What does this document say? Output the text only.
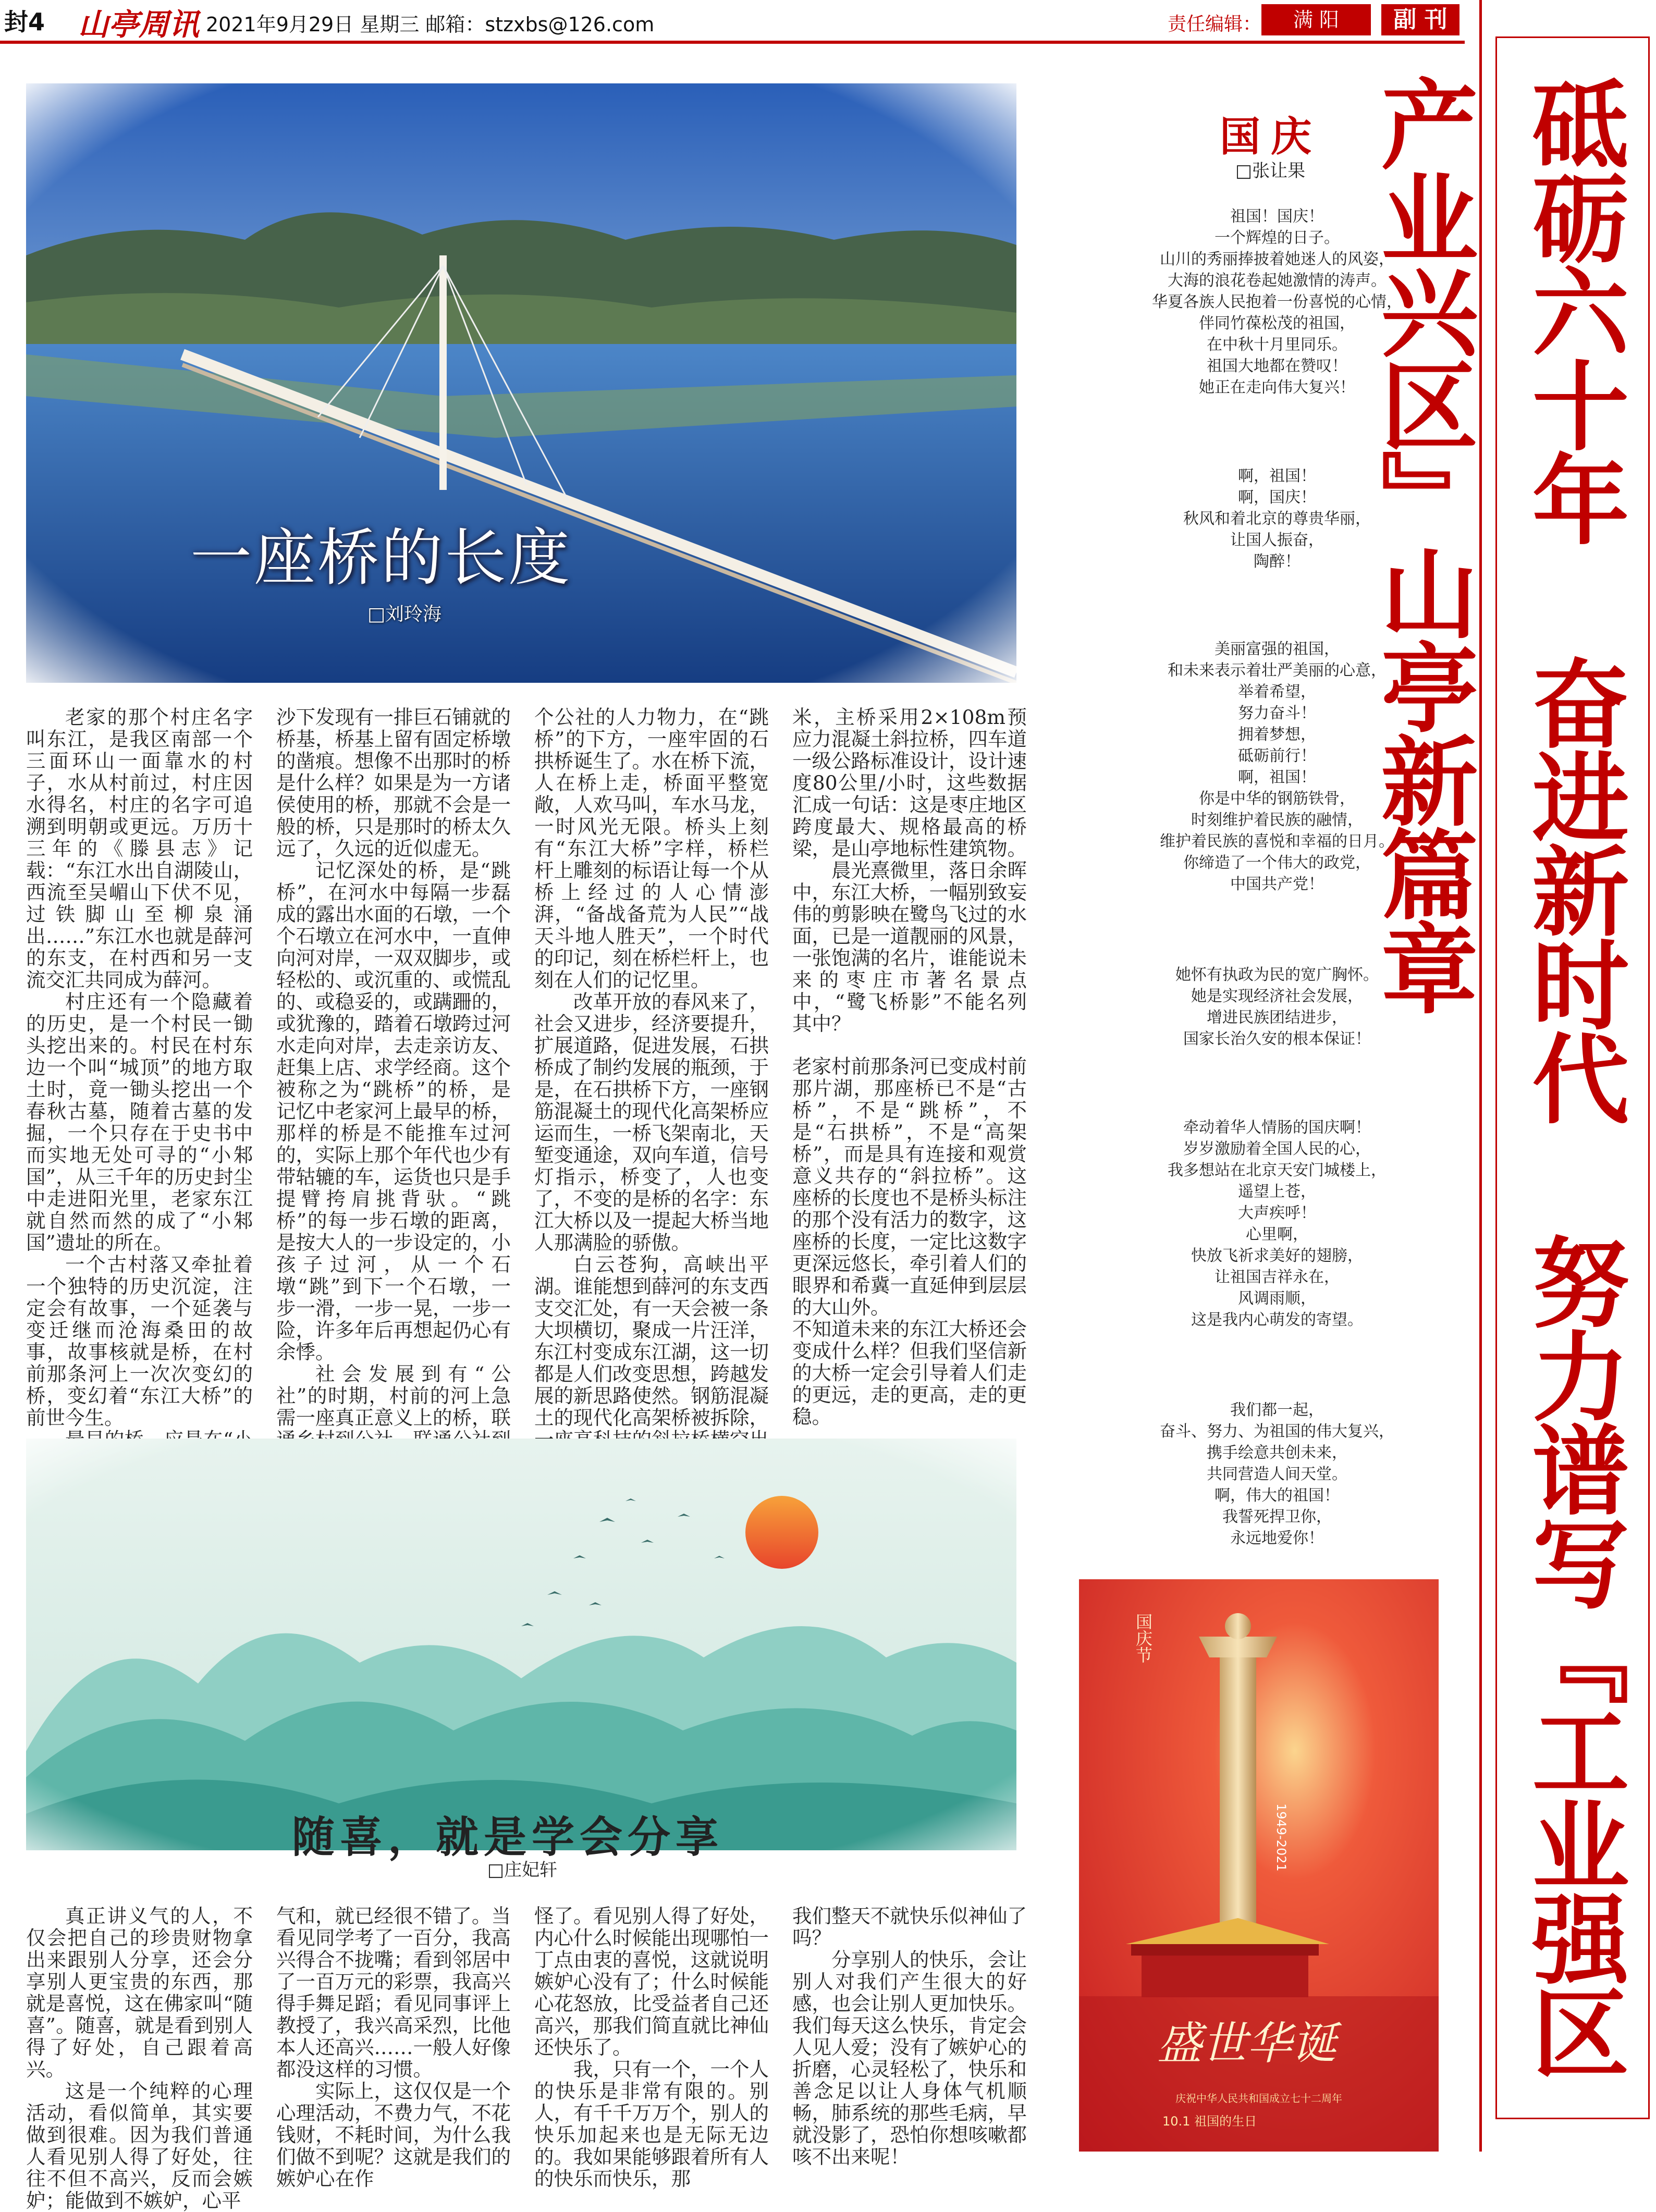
封4 山亭周讯 2021年9月29日 星期三 邮箱：stzxbs@126.com	责任编辑：	满 阳	副 刊
砥砺六十年 奋进新时代 努力谱写『工业强区 产业兴区』山亭新篇章
一座桥的长度
□刘玲海

老家的那个村庄名字叫东江，是我区南部一个三面环山一面靠水的村子，水从村前过，村庄因水得名，村庄的名字可追溯到明朝或更远。万历十三年的《滕县志》记载：“东江水出自湖陵山，西流至吴嵋山下伏不见，过铁脚山至柳泉涌出……”东江水也就是薛河的东支，在村西和另一支流交汇共同成为薛河。

村庄还有一个隐藏着的历史，是一个村民一锄头挖出来的。村民在村东边一个叫“城顶”的地方取土时，竟一锄头挖出一个春秋古墓，随着古墓的发掘，一个只存在于史书中而实地无处可寻的“小邾国”，从三千年的历史封尘中走进阳光里，老家东江就自然而然的成了“小邾国”遗址的所在。

一个古村落又牵扯着一个独特的历史沉淀，注定会有故事，一个延袭与变迁继而沧海桑田的故事，故事核就是桥，在村前那条河上一次次变幻的桥，变幻着“东江大桥”的前世今生。

沙下发现有一排巨石铺就的桥基，桥基上留有固定桥墩的凿痕。想像不出那时的桥是什么样？如果是为一方诸侯使用的桥，那就不会是一般的桥，只是那时的桥太久远了，久远的近似虚无。

记忆深处的桥，是“跳桥”，在河水中每隔一步磊成的露出水面的石墩，一个个石墩立在河水中，一直伸向河对岸，一双双脚步，或轻松的、或沉重的、或慌乱的、或稳妥的，或蹒跚的，或犹豫的，踏着石墩跨过河水走向对岸，去走亲访友、赶集上店、求学经商。这个被称之为“跳桥”的桥，是记忆中老家河上最早的桥，那样的桥是不能推车过河的，实际上那个年代也少有带轱辘的车，运货也只是手提臂挎肩挑背驮。“跳桥”的每一步石墩的距离，是按大人的一步设定的，小孩子过河，从一个石墩“跳”到下一个石墩，一步一滑，一步一晃，一步一险，许多年后再想起仍心有余悸。

社会发展到有“公社”的时期，村前的河上急需一座真正意义上的桥，联

个公社的人力物力，在“跳桥”的下方，一座牢固的石拱桥诞生了。水在桥下流，人在桥上走，桥面平整宽敞，人欢马叫，车水马龙，一时风光无限。桥头上刻有“东江大桥”字样，桥栏杆上雕刻的标语让每一个从桥上经过的人心情澎湃，“备战备荒为人民”“战天斗地人胜天”，一个时代的印记，刻在桥栏杆上，也刻在人们的记忆里。

改革开放的春风来了，社会又进步，经济要提升，扩展道路，促进发展，石拱桥成了制约发展的瓶颈，于是，在石拱桥下方，一座钢筋混凝土的现代化高架桥应运而生，一桥飞架南北，天堑变通途，双向车道，信号灯指示，桥变了，人也变了，不变的是桥的名字：东江大桥以及一提起大桥当地人那满脸的骄傲。

白云苍狗，高峡出平湖。谁能想到薛河的东支西支交汇处，有一天会被一条大坝横切，聚成一片汪洋，东江村变成东江湖，这一切都是人们改变思想，跨越发展的新思路使然。钢筋混凝土的现代化高架桥被拆除，

米，主桥采用2×108m预应力混凝土斜拉桥，四车道一级公路标准设计，设计速度80公里/小时，这些数据汇成一句话：这是枣庄地区跨度最大、规格最高的桥梁，是山亭地标性建筑物。

晨光熹微里，落日余晖中，东江大桥，一幅别致妄伟的剪影映在鹭鸟飞过的水面，已是一道靓丽的风景，一张饱满的名片，谁能说未来的枣庄市著名景点中，“鹭飞桥影”不能名列其中？

老家村前那条河已变成村前那片湖，那座桥已不是“古桥”，不是“跳桥”，不是“石拱桥”，不是“高架桥”，而是具有连接和观赏意义共存的“斜拉桥”。这座桥的长度也不是桥头标注的那个没有活力的数字，这座桥的长度，一定比这数字更深远悠长，牵引着人们的眼界和希冀一直延伸到层层的大山外。

不知道未来的东江大桥还会变成什么样？但我们坚信新的大桥一定会引导着人们走的更远，走的更高，走的更稳。

随喜，就是学会分享
□庄妃轩

真正讲义气的人，不仅会把自己的珍贵财物拿出来跟别人分享，还会分享别人更宝贵的东西，那就是喜悦，这在佛家叫“随喜”。随喜，就是看到别人得了好处，自己跟着高兴。

这是一个纯粹的心理活动，看似简单，其实要做到很难。因为我们普通人看见别人得了好处，往往不但不高兴，反而会嫉妒；能做到不嫉妒，心平

气和，就已经很不错了。当看见同学考了一百分，我高兴得合不拢嘴；看到邻居中了一百万元的彩票，我高兴得手舞足蹈；看见同事评上教授了，我兴高采烈，比他本人还高兴……一般人好像都没这样的习惯。

实际上，这仅仅是一个心理活动，不费力气，不花钱财，不耗时间，为什么我们做不到呢？这就是我们的嫉妒心在作

怪了。看见别人得了好处，内心什么时候能出现哪怕一丁点由衷的喜悦，这就说明嫉妒心没有了；什么时候能心花怒放，比受益者自己还高兴，那我们简直就比神仙还快乐了。

我，只有一个，一个人的快乐是非常有限的。别人，有千千万万个，别人的快乐加起来也是无际无边的。我如果能够跟着所有人的快乐而快乐，那

我们整天不就快乐似神仙了吗？

分享别人的快乐，会让别人对我们产生很大的好感，也会让别人更加快乐。我们每天这么快乐，肯定会人见人爱；没有了嫉妒心的折磨，心灵轻松了，快乐和善念足以让人身体气机顺畅，肺系统的那些毛病，早就没影了，恐怕你想咳嗽都咳不出来呢！

国庆
□张让果
祖国！国庆！
一个辉煌的日子。
山川的秀丽捧披着她迷人的风姿，
大海的浪花卷起她激情的涛声。
华夏各族人民抱着一份喜悦的心情，
伴同竹葆松茂的祖国，
在中秋十月里同乐。
祖国大地都在赞叹！
她正在走向伟大复兴！
啊，祖国！
啊，国庆！
秋风和着北京的尊贵华丽，
让国人振奋，
陶醉！
美丽富强的祖国，
和未来表示着壮严美丽的心意，
举着希望，
努力奋斗！
拥着梦想，
砥砺前行！
啊，祖国！
你是中华的钢筋铁骨，
时刻维护着民族的融情，
维护着民族的喜悦和幸福的日月。
你缔造了一个伟大的政党，
中国共产党！
她怀有执政为民的宽广胸怀。
她是实现经济社会发展，
增进民族团结进步，
国家长治久安的根本保证！
牵动着华人情肠的国庆啊！
岁岁激励着全国人民的心，
我多想站在北京天安门城楼上，
遥望上苍，
大声疾呼！
心里啊，
快放飞祈求美好的翅膀，
让祖国吉祥永在，
风调雨顺，
这是我内心萌发的寄望。
我们都一起，
奋斗、努力、为祖国的伟大复兴，
携手绘意共创未来，
共同营造人间天堂。
啊，伟大的祖国！
我誓死捍卫你，
永远地爱你！
盛世华诞
1949-2021
国庆节
庆祝中华人民共和国成立七十二周年
10.1 祖国的生日
